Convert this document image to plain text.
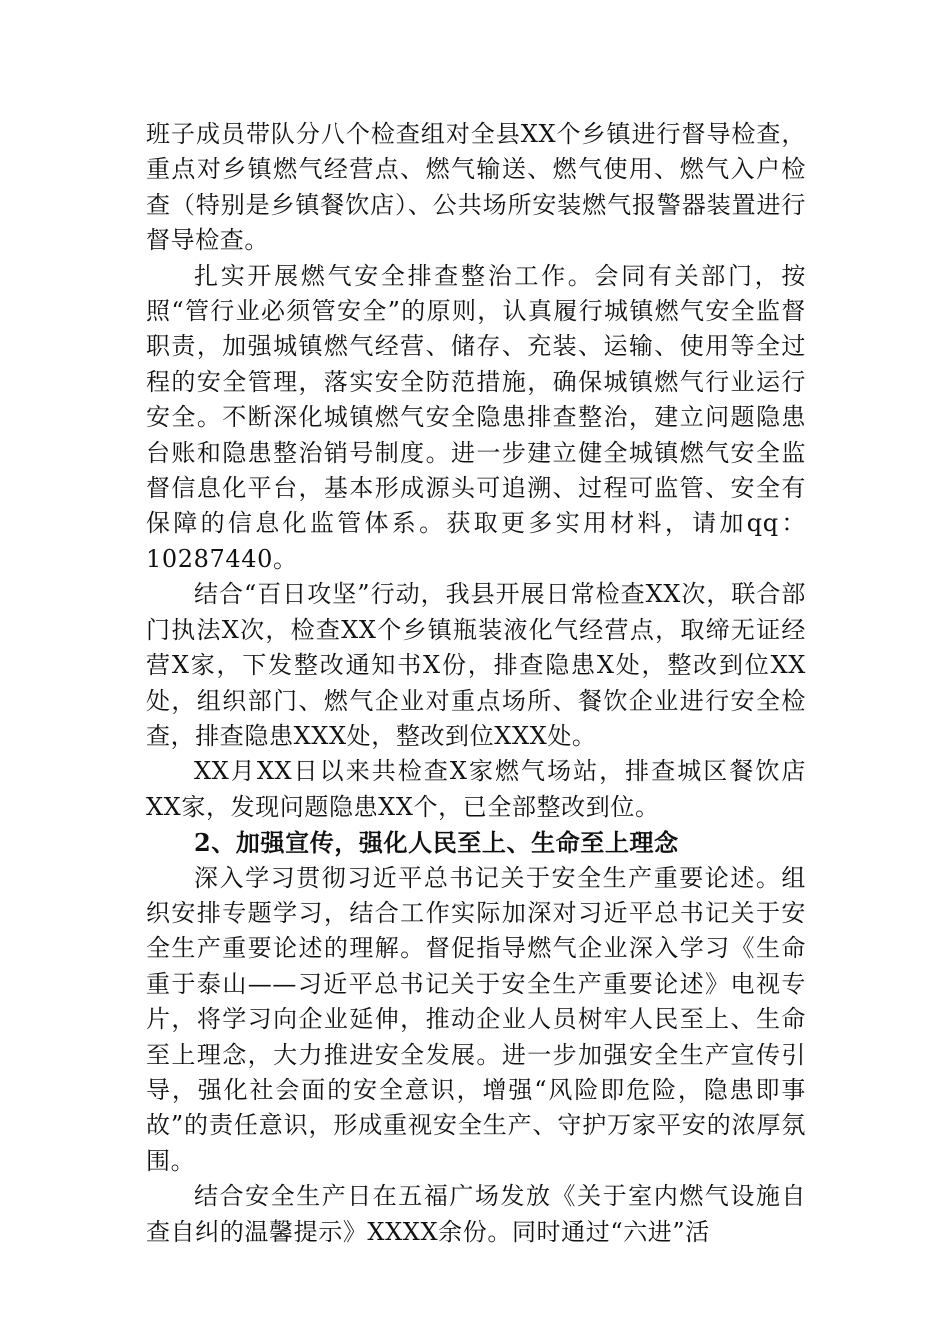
班子成员带队分八个检查组对全县XX个乡镇进行督导检查，重点对乡镇燃气经营点、燃气输送、燃气使用、燃气入户检查（特别是乡镇餐饮店）、公共场所安装燃气报警器装置进行督导检查。

扎实开展燃气安全排查整治工作。会同有关部门，按照“管行业必须管安全”的原则，认真履行城镇燃气安全监督职责，加强城镇燃气经营、储存、充装、运输、使用等全过程的安全管理，落实安全防范措施，确保城镇燃气行业运行安全。不断深化城镇燃气安全隐患排查整治，建立问题隐患台账和隐患整治销号制度。进一步建立健全城镇燃气安全监督信息化平台，基本形成源头可追溯、过程可监管、安全有保障的信息化监管体系。获取更多实用材料，请加qq：10287440。

结合“百日攻坚”行动，我县开展日常检查XX次，联合部门执法X次，检查XX个乡镇瓶装液化气经营点，取缔无证经营X家，下发整改通知书X份，排查隐患X处，整改到位XX处，组织部门、燃气企业对重点场所、餐饮企业进行安全检查，排查隐患XXX处，整改到位XXX处。

XX月XX日以来共检查X家燃气场站，排查城区餐饮店XX家，发现问题隐患XX个，已全部整改到位。

2、加强宣传，强化人民至上、生命至上理念

深入学习贯彻习近平总书记关于安全生产重要论述。组织安排专题学习，结合工作实际加深对习近平总书记关于安全生产重要论述的理解。督促指导燃气企业深入学习《生命重于泰山——习近平总书记关于安全生产重要论述》电视专片，将学习向企业延伸，推动企业人员树牢人民至上、生命至上理念，大力推进安全发展。进一步加强安全生产宣传引导，强化社会面的安全意识，增强“风险即危险，隐患即事故”的责任意识，形成重视安全生产、守护万家平安的浓厚氛围。

结合安全生产日在五福广场发放《关于室内燃气设施自查自纠的温馨提示》XXXX余份。同时通过“六进”活
